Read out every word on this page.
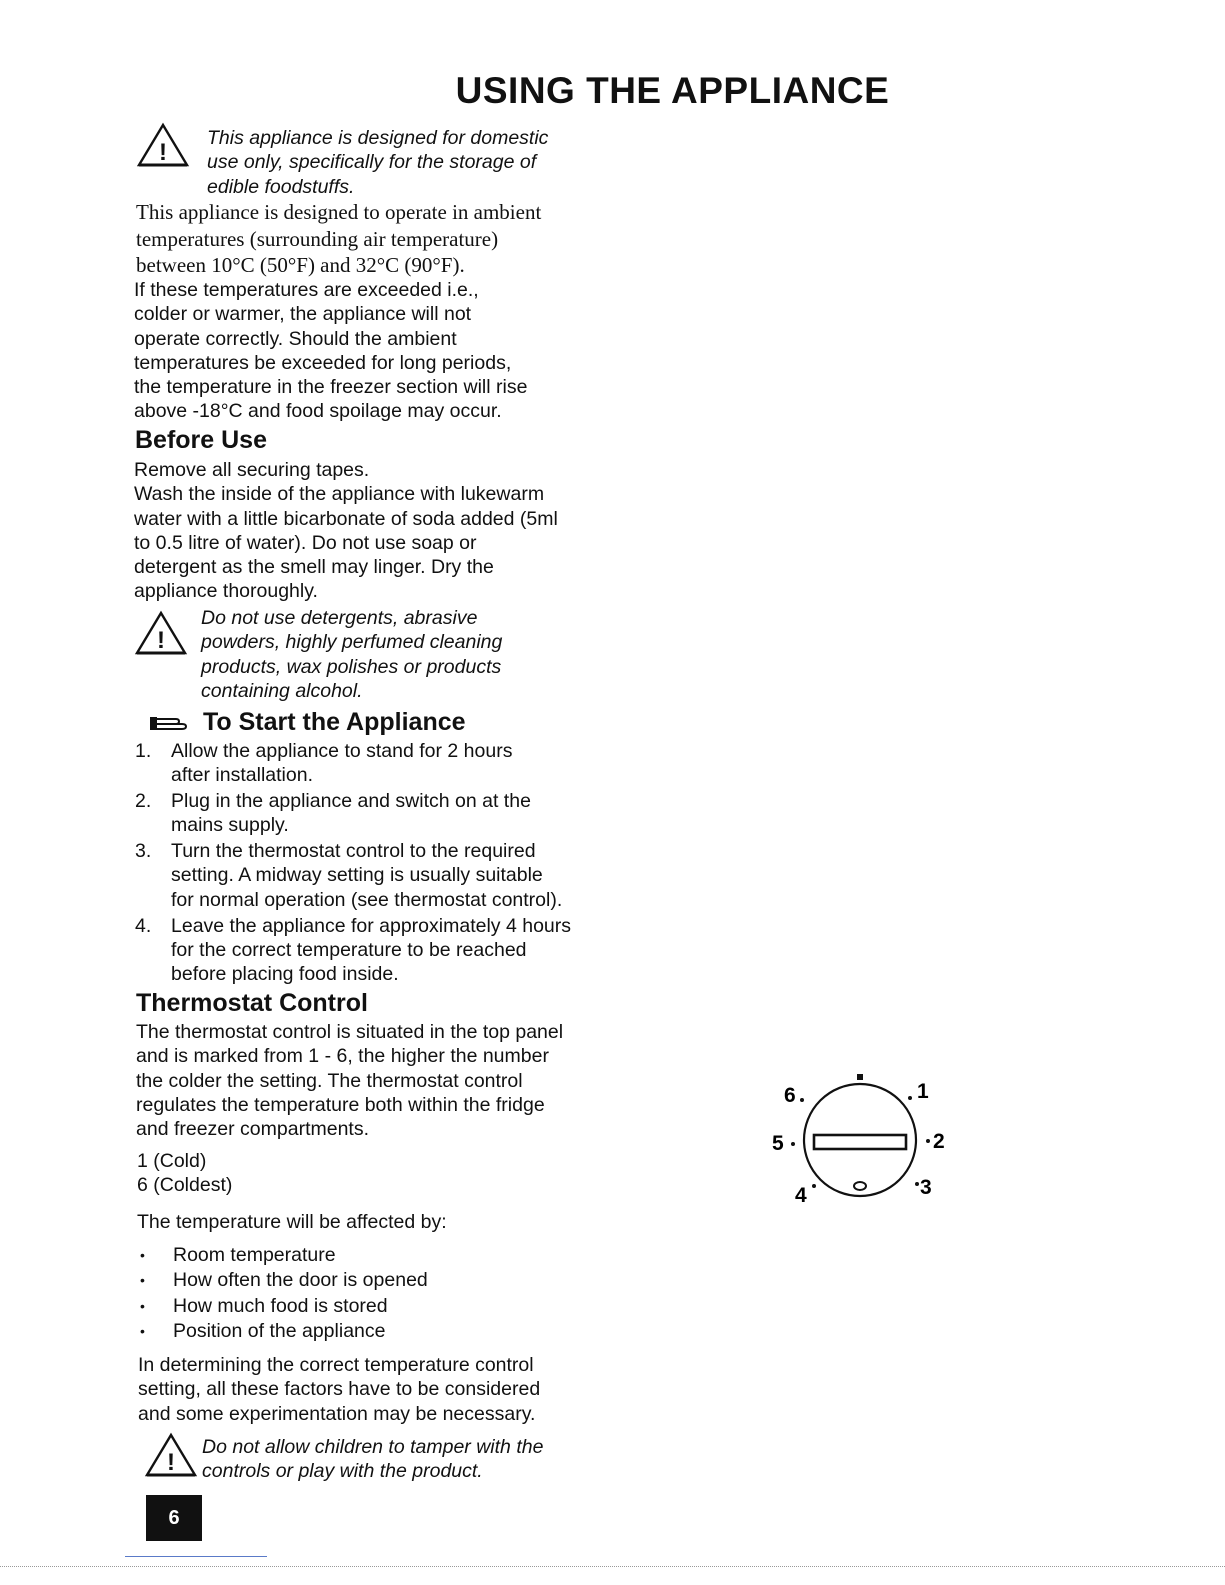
USING THE APPLIANCE
!
This appliance is designed for domestic
use only, specifically for the storage of
edible foodstuffs.
This appliance is designed to operate in ambient
temperatures (surrounding air temperature)
between 10°C (50°F) and 32°C (90°F).
If these temperatures are exceeded i.e.,
colder or warmer, the appliance will not
operate correctly. Should the ambient
temperatures be exceeded for long periods,
the temperature in the freezer section will rise
above -18°C and food spoilage may occur.
Before Use
Remove all securing tapes.
Wash the inside of the appliance with lukewarm
water with a little bicarbonate of soda added (5ml
to 0.5 litre of water). Do not use soap or
detergent as the smell may linger. Dry the
appliance thoroughly.
!
Do not use detergents, abrasive
powders, highly perfumed cleaning
products, wax polishes or products
containing alcohol.
To Start the Appliance
1. Allow the appliance to stand for 2 hours
after installation.
2. Plug in the appliance and switch on at the
mains supply.
3. Turn the thermostat control to the required
setting. A midway setting is usually suitable
for normal operation (see thermostat control).
4. Leave the appliance for approximately 4 hours
for the correct temperature to be reached
before placing food inside.
Thermostat Control
The thermostat control is situated in the top panel
and is marked from 1 - 6, the higher the number
the colder the setting. The thermostat control
regulates the temperature both within the fridge
and freezer compartments.
1 (Cold)
6 (Coldest)
The temperature will be affected by:
• Room temperature
• How often the door is opened
• How much food is stored
• Position of the appliance
In determining the correct temperature control
setting, all these factors have to be considered
and some experimentation may be necessary.
!
Do not allow children to tamper with the
controls or play with the product.
1
2
3
4
5
6
6
